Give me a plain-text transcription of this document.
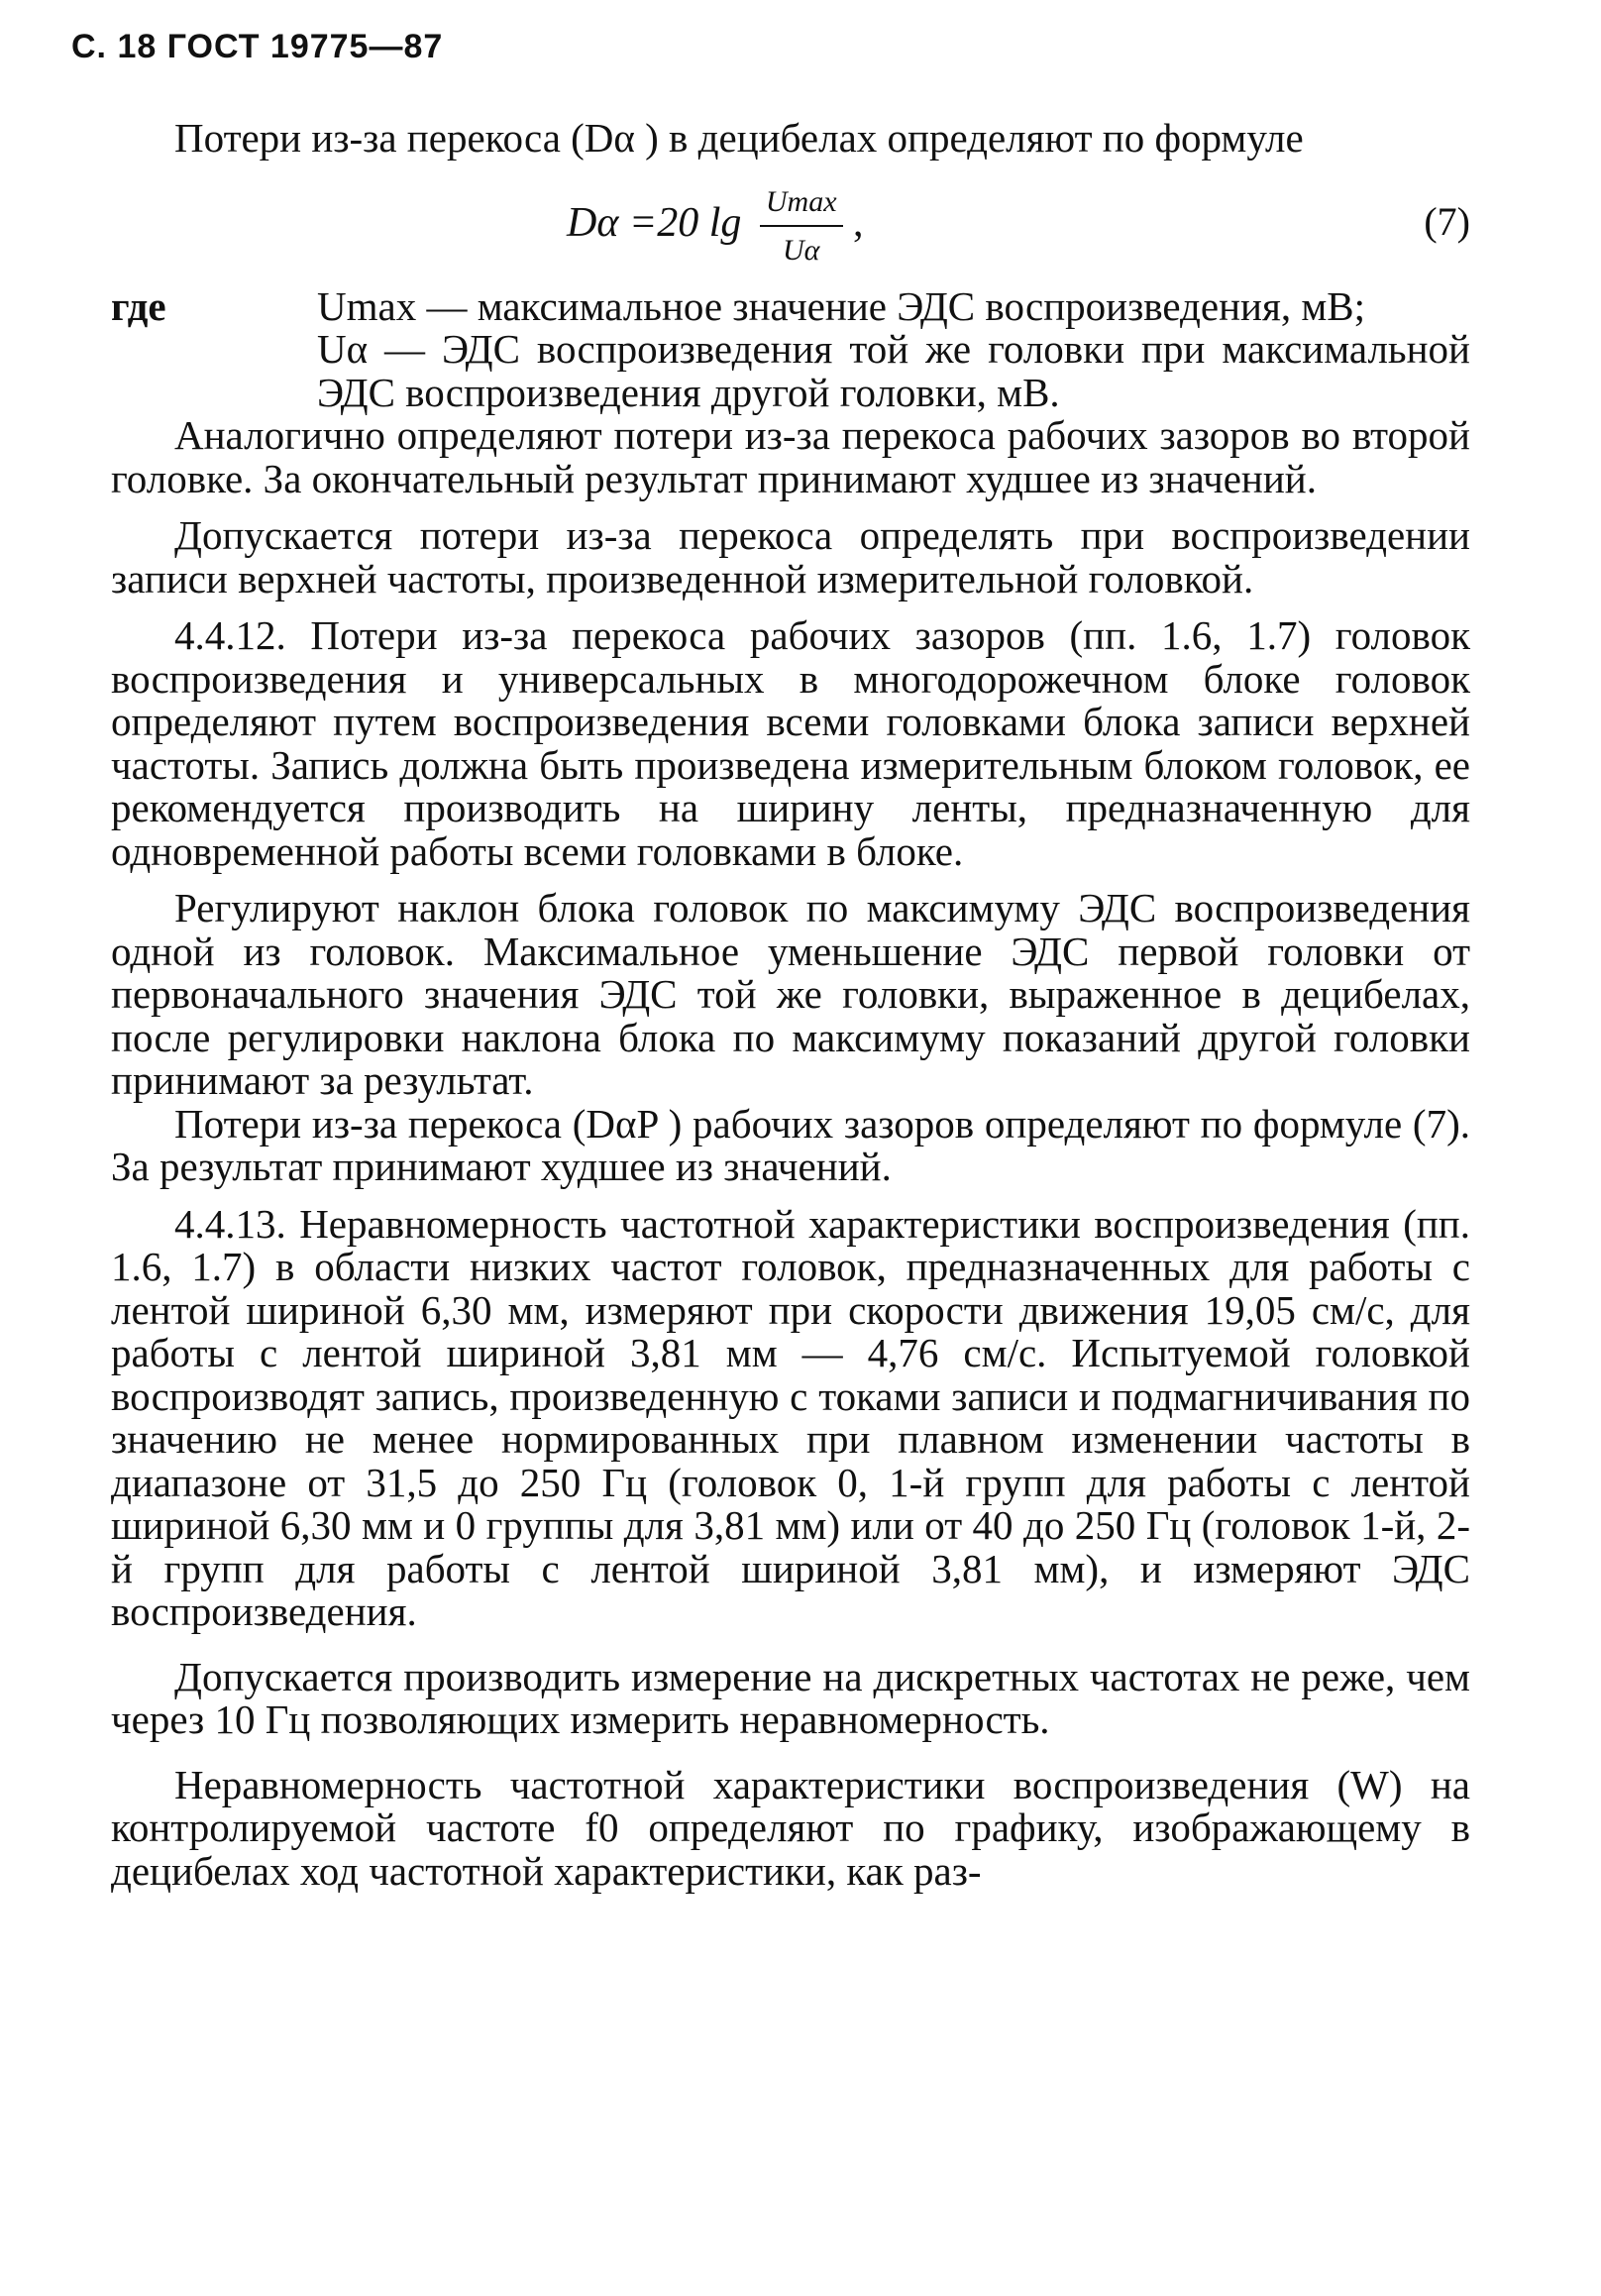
С. 18 ГОСТ 19775—87

Потери из-за перекоса (Dα ) в децибелах определяют по формуле

Dα =20 $\lg \frac{Umax}{U\alpha}$ ,	(7)
где	Umax — максимальное значение ЭДС воспроизведения, мВ;
Uα — ЭДС воспроизведения той же головки при максимальной ЭДС воспроизведения другой головки, мВ.

Аналогично определяют потери из-за перекоса рабочих зазоров во второй головке. За окончательный результат принимают худшее из значений.

Допускается потери из-за перекоса определять при воспроизведении записи верхней частоты, произведенной измерительной головкой.

4.4.12. Потери из-за перекоса рабочих зазоров (пп. 1.6, 1.7) головок воспроизведения и универсальных в многодорожечном блоке головок определяют путем воспроизведения всеми головками блока записи верхней частоты. Запись должна быть произведена измерительным блоком головок, ее рекомендуется производить на ширину ленты, предназначенную для одновременной работы всеми головками в блоке.

Регулируют наклон блока головок по максимуму ЭДС воспроизведения одной из головок. Максимальное уменьшение ЭДС первой головки от первоначального значения ЭДС той же головки, выраженное в децибелах, после регулировки наклона блока по максимуму показаний другой головки принимают за результат.

Потери из-за перекоса (DαP ) рабочих зазоров определяют по формуле (7). За результат принимают худшее из значений.

4.4.13. Неравномерность частотной характеристики воспроизведения (пп. 1.6, 1.7) в области низких частот головок, предназначенных для работы с лентой шириной 6,30 мм, измеряют при скорости движения 19,05 см/с, для работы с лентой шириной 3,81 мм — 4,76 см/с. Испытуемой головкой воспроизводят запись, произведенную с токами записи и подмагничивания по значению не менее нормированных при плавном изменении частоты в диапазоне от 31,5 до 250 Гц (головок 0, 1-й групп для работы с лентой шириной 6,30 мм и 0 группы для 3,81 мм) или от 40 до 250 Гц (головок 1-й, 2-й групп для работы с лентой шириной 3,81 мм), и измеряют ЭДС воспроизведения.

Допускается производить измерение на дискретных частотах не реже, чем через 10 Гц позволяющих измерить неравномерность.

Неравномерность частотной характеристики воспроизведения (W) на контролируемой частоте f0 определяют по графику, изображающему в децибелах ход частотной характеристики, как раз-
